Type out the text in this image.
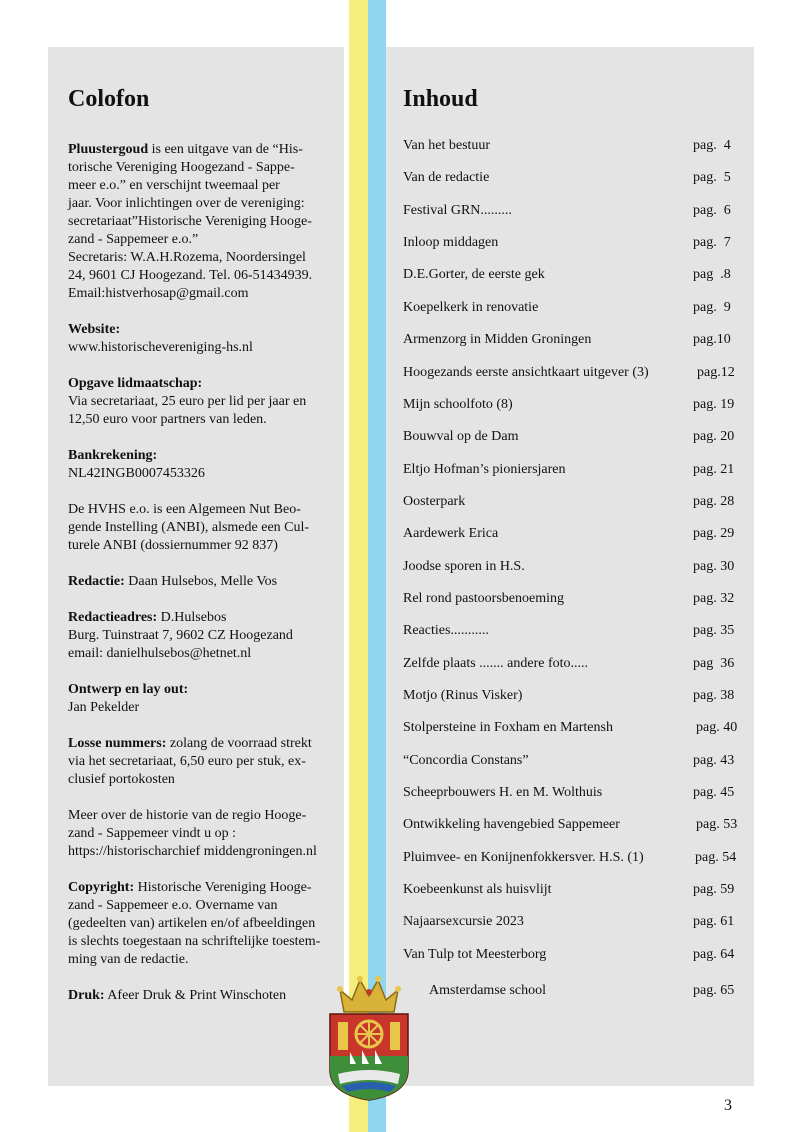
Colofon
Pluustergoud is een uitgave van de “His-
torische Vereniging Hoogezand - Sappe-
meer e.o.” en verschijnt tweemaal per
jaar. Voor inlichtingen over de vereniging:
secretariaat”Historische Vereniging Hooge-
zand - Sappemeer e.o.”
Secretaris: W.A.H.Rozema, Noordersingel
24, 9601 CJ Hoogezand. Tel. 06-51434939.
Email:histverhosap@gmail.com
Website:
www.historischevereniging-hs.nl
Opgave lidmaatschap:
Via secretariaat, 25 euro per lid per jaar en
12,50 euro voor partners van leden.
Bankrekening:
NL42INGB0007453326
De HVHS e.o. is een Algemeen Nut Beo-
gende Instelling (ANBI), alsmede een Cul-
turele ANBI (dossiernummer 92 837)
Redactie: Daan Hulsebos, Melle Vos
Redactieadres: D.Hulsebos
Burg. Tuinstraat 7, 9602 CZ Hoogezand
email: danielhulsebos@hetnet.nl
Ontwerp en lay out:
Jan Pekelder
Losse nummers: zolang de voorraad strekt
via het secretariaat, 6,50 euro per stuk, ex-
clusief portokosten
Meer over de historie van de regio Hooge-
zand - Sappemeer vindt u op :
https://historischarchief middengroningen.nl
Copyright: Historische Vereniging Hooge-
zand - Sappemeer e.o. Overname van
(gedeelten van) artikelen en/of afbeeldingen
is slechts toegestaan na schriftelijke toestem-
ming van de redactie.
Druk: Afeer Druk & Print Winschoten
Inhoud
Van het bestuur	pag.  4
Van de redactie	pag.  5
Festival GRN.........	pag.  6
Inloop middagen	pag.  7
D.E.Gorter, de eerste gek	pag  .8
Koepelkerk in renovatie	pag.  9
Armenzorg in Midden Groningen	pag.10
Hoogezands eerste ansichtkaart uitgever (3)	pag.12
Mijn schoolfoto (8)	pag. 19
Bouwval op de Dam	pag. 20
Eltjo Hofman’s pioniersjaren	pag. 21
Oosterpark	pag. 28
Aardewerk Erica	pag. 29
Joodse sporen in H.S.	pag. 30
Rel rond pastoorsbenoeming	pag. 32
Reacties...........	pag. 35
Zelfde plaats ....... andere foto.....	pag  36
Motjo (Rinus Visker)	pag. 38
Stolpersteine in Foxham en Martensh	pag. 40
“Concordia Constans”	pag. 43
Scheeprbouwers H. en M. Wolthuis	pag. 45
Ontwikkeling havengebied Sappemeer	pag. 53
Pluimvee- en Konijnenfokkersver. H.S. (1)	pag. 54
Koebeenkunst als huisvlijt	pag. 59
Najaarsexcursie 2023	pag. 61
Van Tulp tot Meesterborg	pag. 64
Amsterdamse school	pag. 65
3
